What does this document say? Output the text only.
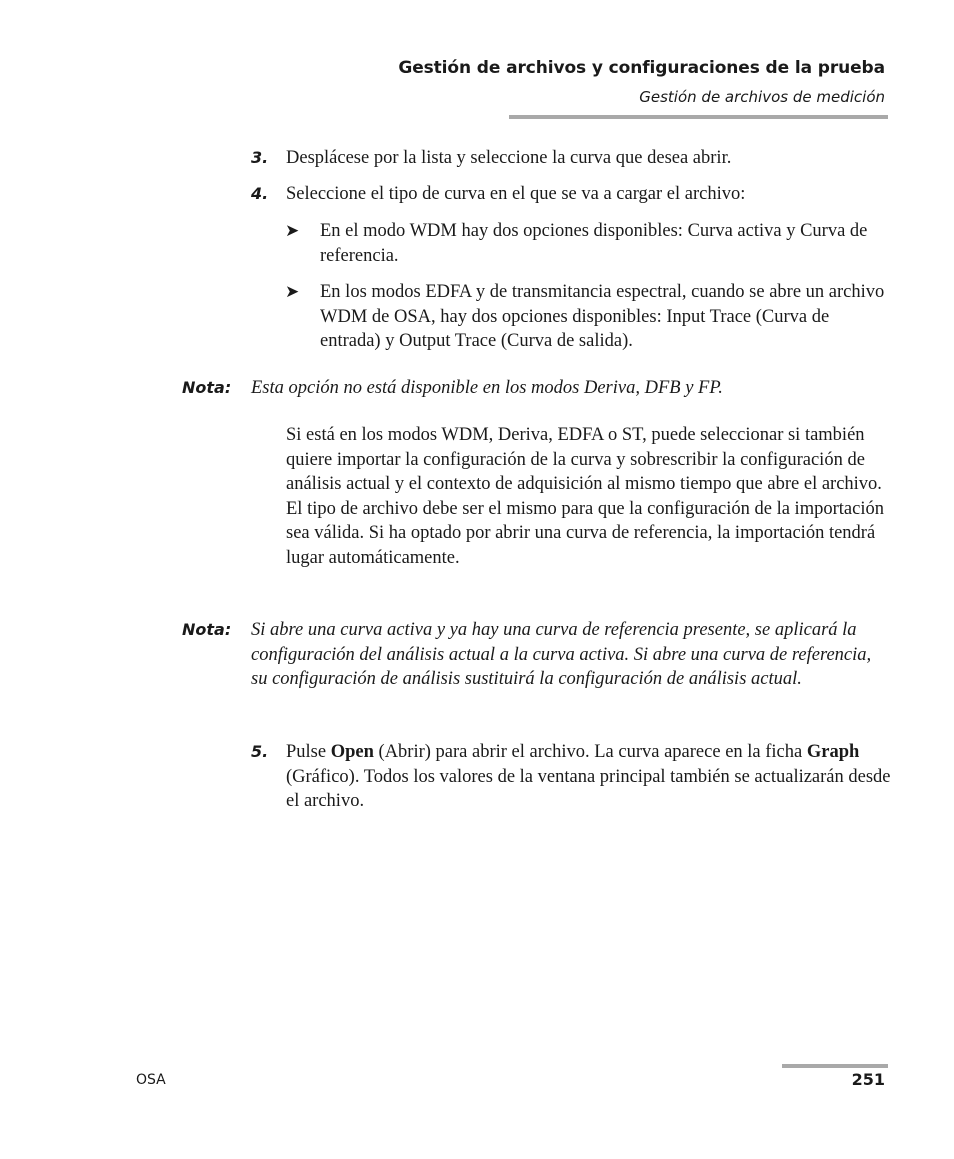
Gestión de archivos y configuraciones de la prueba
Gestión de archivos de medición
3. Desplácese por la lista y seleccione la curva que desea abrir.
4. Seleccione el tipo de curva en el que se va a cargar el archivo:
➤ En el modo WDM hay dos opciones disponibles: Curva activa y Curva de referencia.
➤ En los modos EDFA y de transmitancia espectral, cuando se abre un archivo WDM de OSA, hay dos opciones disponibles: Input Trace (Curva de entrada) y Output Trace (Curva de salida).
Nota: Esta opción no está disponible en los modos Deriva, DFB y FP.
Si está en los modos WDM, Deriva, EDFA o ST, puede seleccionar si también quiere importar la configuración de la curva y sobrescribir la configuración de análisis actual y el contexto de adquisición al mismo tiempo que abre el archivo. El tipo de archivo debe ser el mismo para que la configuración de la importación sea válida. Si ha optado por abrir una curva de referencia, la importación tendrá lugar automáticamente.
Nota: Si abre una curva activa y ya hay una curva de referencia presente, se aplicará la configuración del análisis actual a la curva activa. Si abre una curva de referencia, su configuración de análisis sustituirá la configuración de análisis actual.
5. Pulse Open (Abrir) para abrir el archivo. La curva aparece en la ficha Graph (Gráfico). Todos los valores de la ventana principal también se actualizarán desde el archivo.
OSA	251
